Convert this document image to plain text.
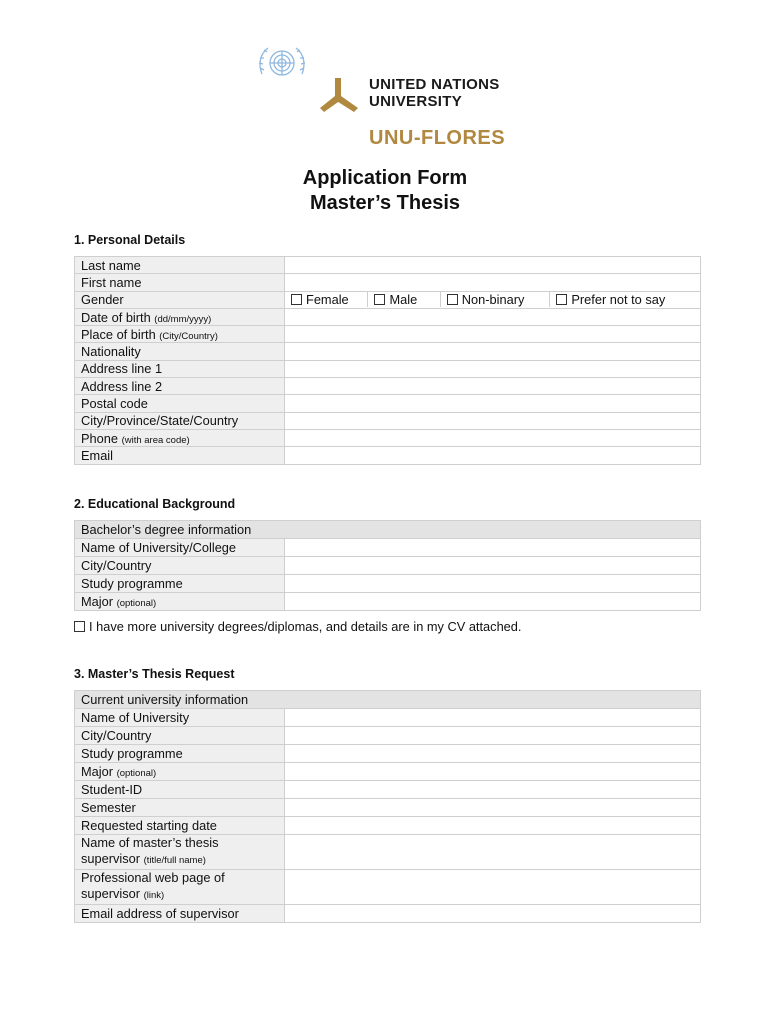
UNITED NATIONS
UNIVERSITY
UNU-FLORES
Application Form
Master’s Thesis
1. Personal Details
Last name	
First name	
Gender	Female Male Non-binary Prefer not to say

Date of birth (dd/mm/yyyy)	
Place of birth (City/Country)	
Nationality	
Address line 1	
Address line 2	
Postal code	
City/Province/State/Country	
Phone (with area code)	
Email	
2. Educational Background
Bachelor’s degree information	
Name of University/College	
City/Country	
Study programme	
Major (optional)	
I have more university degrees/diplomas, and details are in my CV attached.
3. Master’s Thesis Request
Current university information	
Name of University	
City/Country	
Study programme	
Major (optional)	
Student-ID	
Semester	
Requested starting date	

Name of master’s thesis
supervisor (title/full name)	

Professional web page of
supervisor (link)	

Email address of supervisor	
